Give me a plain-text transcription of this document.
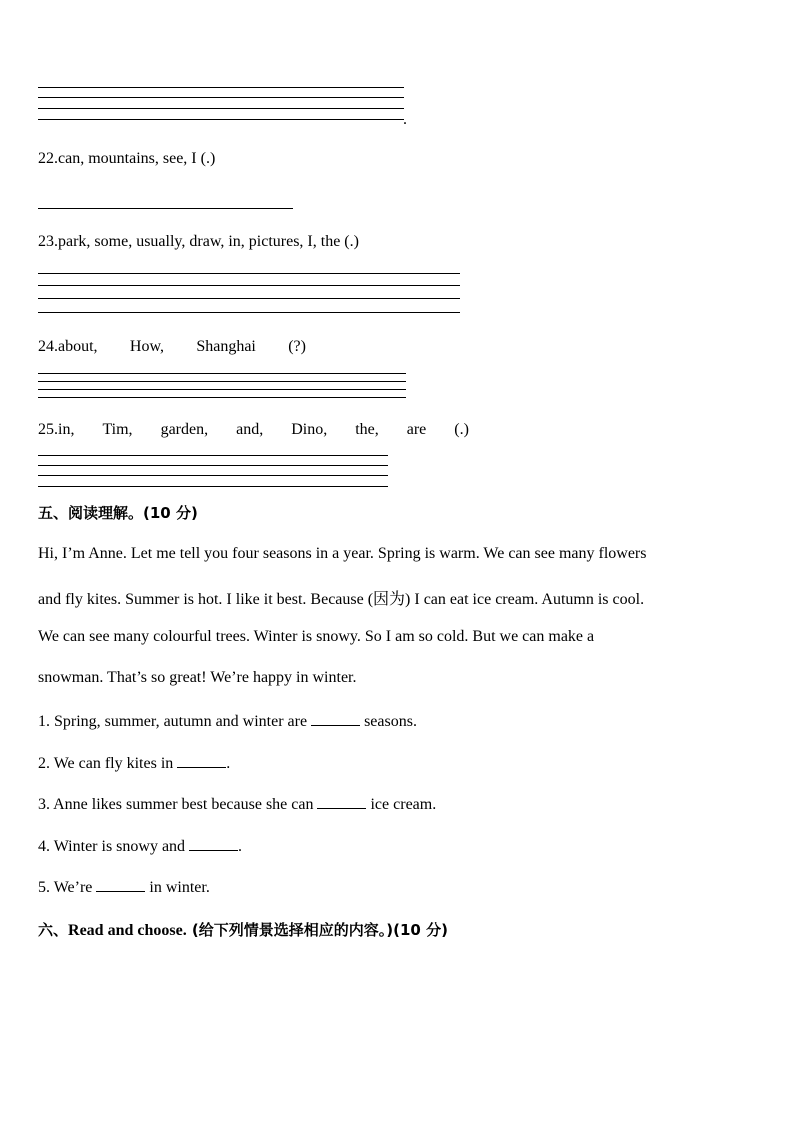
.
22.can, mountains, see, I (.)
23.park, some, usually, draw, in, pictures, I, the (.)
24.about, How, Shanghai (?)
25.in, Tim, garden, and, Dino, the, are (.)
五、阅读理解。(10 分)

Hi, I’m Anne. Let me tell you four seasons in a year. Spring is warm. We can see many flowers

and fly kites. Summer is hot. I like it best. Because (因为) I can eat ice cream. Autumn is cool.

We can see many colourful trees. Winter is snowy. So I am so cold. But we can make a

snowman. That’s so great! We’re happy in winter.

1. Spring, summer, autumn and winter are	seasons.
2. We can fly kites in	.
3. Anne likes summer best because she can	ice cream.
4. Winter is snowy and	.
5. We’re	in winter.
六、Read and choose. (给下列情景选择相应的内容。)(10 分)
